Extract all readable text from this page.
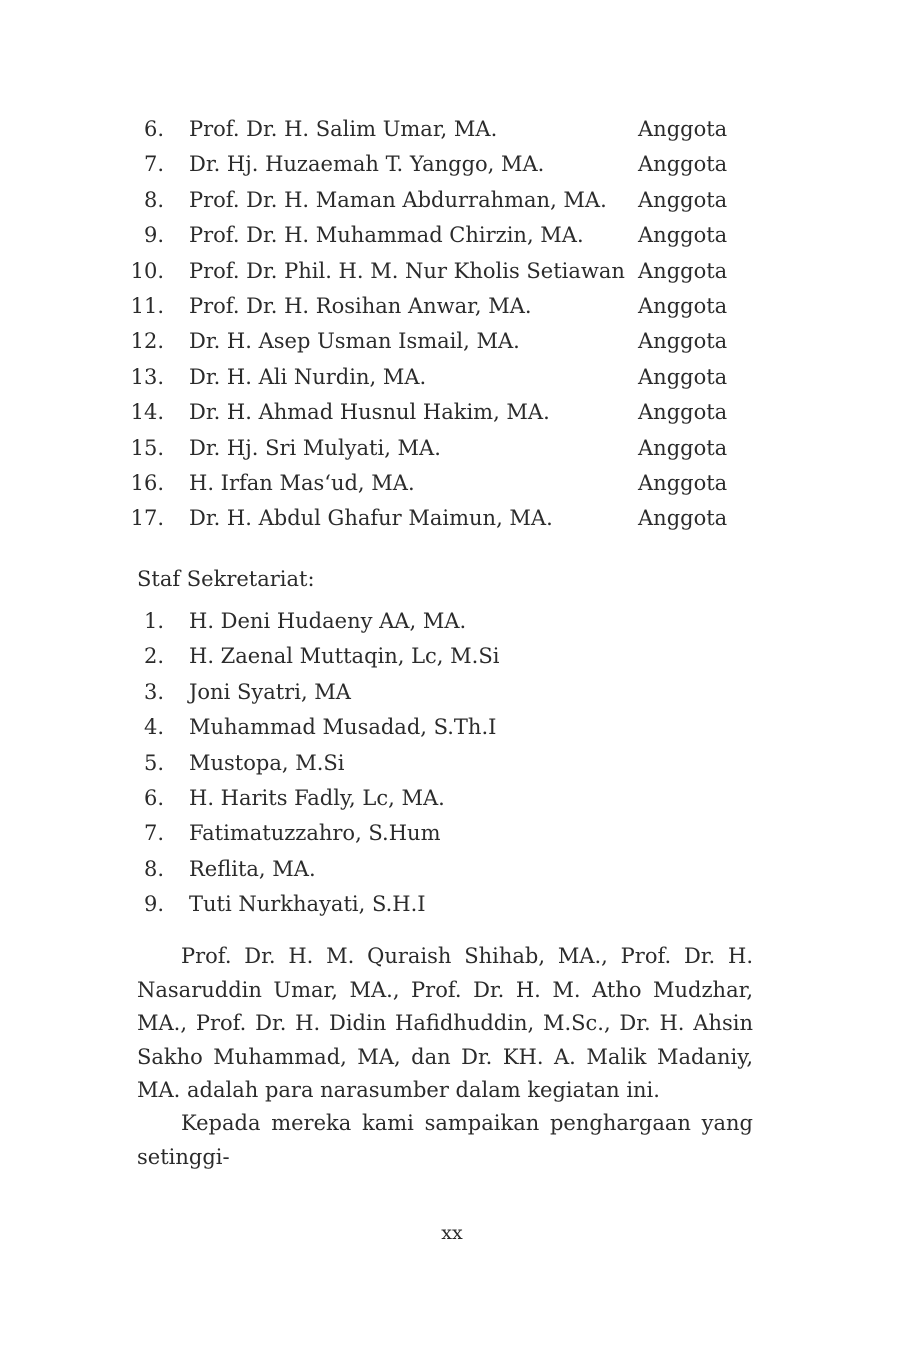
6. Prof. Dr. H. Salim Umar, MA.	Anggota
7. Dr. Hj. Huzaemah T. Yanggo, MA.	Anggota
8. Prof. Dr. H. Maman Abdurrahman, MA. Anggota
9. Prof. Dr. H. Muhammad Chirzin, MA.	Anggota
10. Prof. Dr. Phil. H. M. Nur Kholis Setiawan Anggota
11. Prof. Dr. H. Rosihan Anwar, MA.	Anggota
12. Dr. H. Asep Usman Ismail, MA.	Anggota
13. Dr. H. Ali Nurdin, MA.	Anggota
14. Dr. H. Ahmad Husnul Hakim, MA.	Anggota
15. Dr. Hj. Sri Mulyati, MA.	Anggota
16. H. Irfan Mas‘ud, MA.	Anggota
17. Dr. H. Abdul Ghafur Maimun, MA.	Anggota
Staf Sekretariat:
1. H. Deni Hudaeny AA, MA.
2. H. Zaenal Muttaqin, Lc, M.Si
3. Joni Syatri, MA
4. Muhammad Musadad, S.Th.I
5. Mustopa, M.Si
6. H. Harits Fadly, Lc, MA.
7. Fatimatuzzahro, S.Hum
8. Reflita, MA.
9. Tuti Nurkhayati, S.H.I

Prof. Dr. H. M. Quraish Shihab, MA., Prof. Dr. H. Nasaruddin Umar, MA., Prof. Dr. H. M. Atho Mudzhar, MA., Prof. Dr. H. Didin Hafidhuddin, M.Sc., Dr. H. Ahsin Sakho Muhammad, MA, dan Dr. KH. A. Malik Madaniy, MA. adalah para narasumber dalam kegiatan ini.

Kepada mereka kami sampaikan penghargaan yang setinggi-

xx
